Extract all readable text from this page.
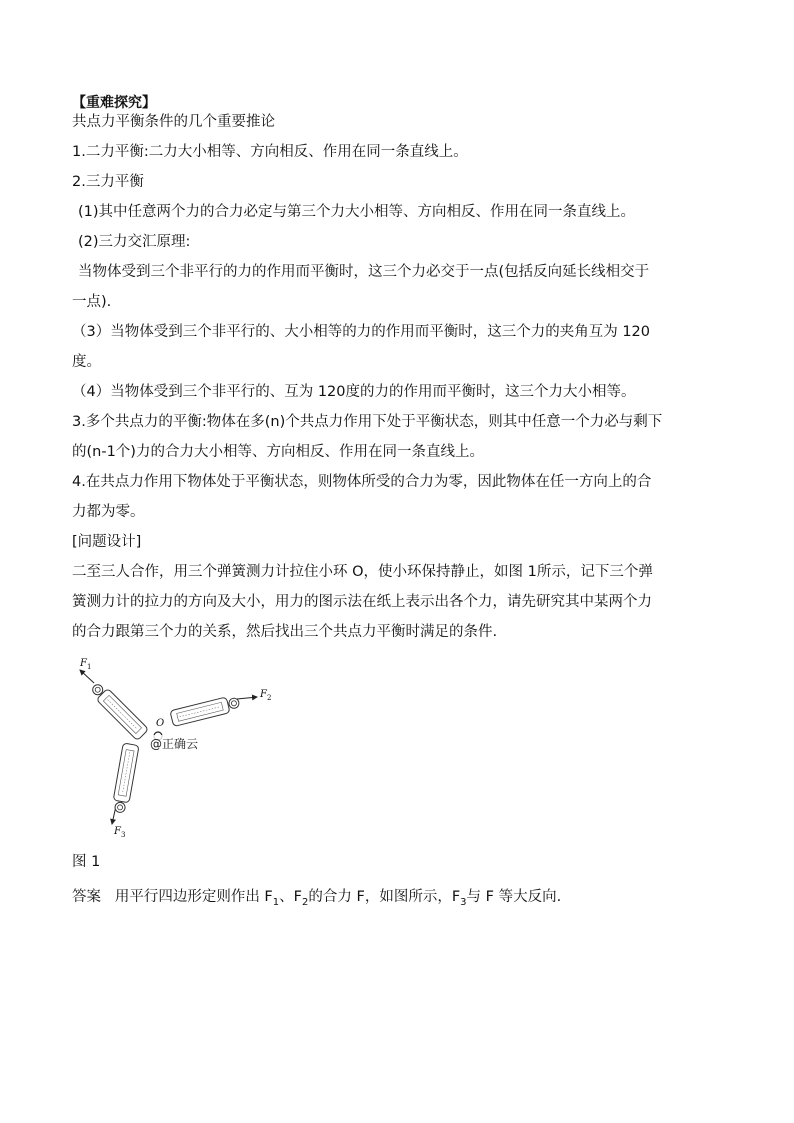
【重难探究】

共点力平衡条件的几个重要推论

1.二力平衡:二力大小相等、方向相反、作用在同一条直线上。

2.三力平衡

(1)其中任意两个力的合力必定与第三个力大小相等、方向相反、作用在同一条直线上。

(2)三力交汇原理:

当物体受到三个非平行的力的作用而平衡时，这三个力必交于一点(包括反向延长线相交于

一点).

（3）当物体受到三个非平行的、大小相等的力的作用而平衡时，这三个力的夹角互为 120

度。

（4）当物体受到三个非平行的、互为 120度的力的作用而平衡时，这三个力大小相等。

3.多个共点力的平衡:物体在多(n)个共点力作用下处于平衡状态，则其中任意一个力必与剩下

的(n-1个)力的合力大小相等、方向相反、作用在同一条直线上。

4.在共点力作用下物体处于平衡状态，则物体所受的合力为零，因此物体在任一方向上的合

力都为零。

[问题设计]

二至三人合作，用三个弹簧测力计拉住小环 O，使小环保持静止，如图 1所示，记下三个弹

簧测力计的拉力的方向及大小，用力的图示法在纸上表示出各个力，请先研究其中某两个力

的合力跟第三个力的关系，然后找出三个共点力平衡时满足的条件.

$F_1$
$F_2$
$F_3$
O
@正确云

图 1

答案 用平行四边形定则作出 $F_1$、$F_2$的合力 F，如图所示，$F_3$与 F 等大反向.
